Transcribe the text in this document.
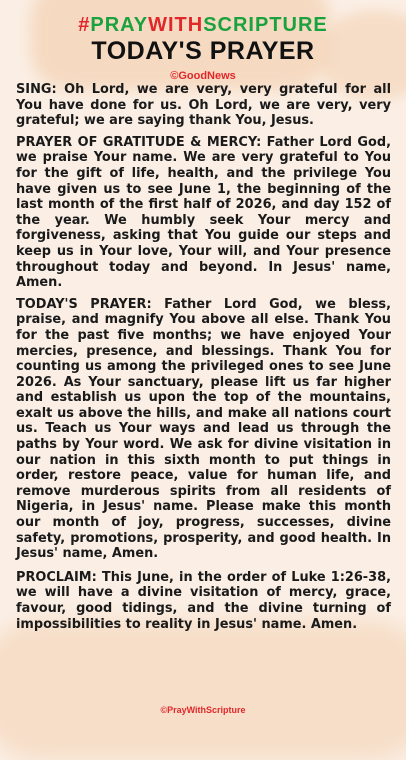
#PRAYWITHSCRIPTURE
TODAY'S PRAYER
©GoodNews

SING: Oh Lord, we are very, very grateful for all You have done for us. Oh Lord, we are very, very grateful; we are saying thank You, Jesus.

PRAYER OF GRATITUDE & MERCY: Father Lord God, we praise Your name. We are very grateful to You for the gift of life, health, and the privilege You have given us to see June 1, the beginning of the last month of the first half of 2026, and day 152 of the year. We humbly seek Your mercy and forgiveness, asking that You guide our steps and keep us in Your love, Your will, and Your presence throughout today and beyond. In Jesus' name, Amen.

TODAY'S PRAYER: Father Lord God, we bless, praise, and magnify You above all else. Thank You for the past five months; we have enjoyed Your mercies, presence, and blessings. Thank You for counting us among the privileged ones to see June 2026. As Your sanctuary, please lift us far higher and establish us upon the top of the mountains, exalt us above the hills, and make all nations court us. Teach us Your ways and lead us through the paths by Your word. We ask for divine visitation in our nation in this sixth month to put things in order, restore peace, value for human life, and remove murderous spirits from all residents of Nigeria, in Jesus' name. Please make this month our month of joy, progress, successes, divine safety, promotions, prosperity, and good health. In Jesus' name, Amen.

PROCLAIM: This June, in the order of Luke 1:26-38, we will have a divine visitation of mercy, grace, favour, good tidings, and the divine turning of impossibilities to reality in Jesus' name. Amen.

©PrayWithScripture
